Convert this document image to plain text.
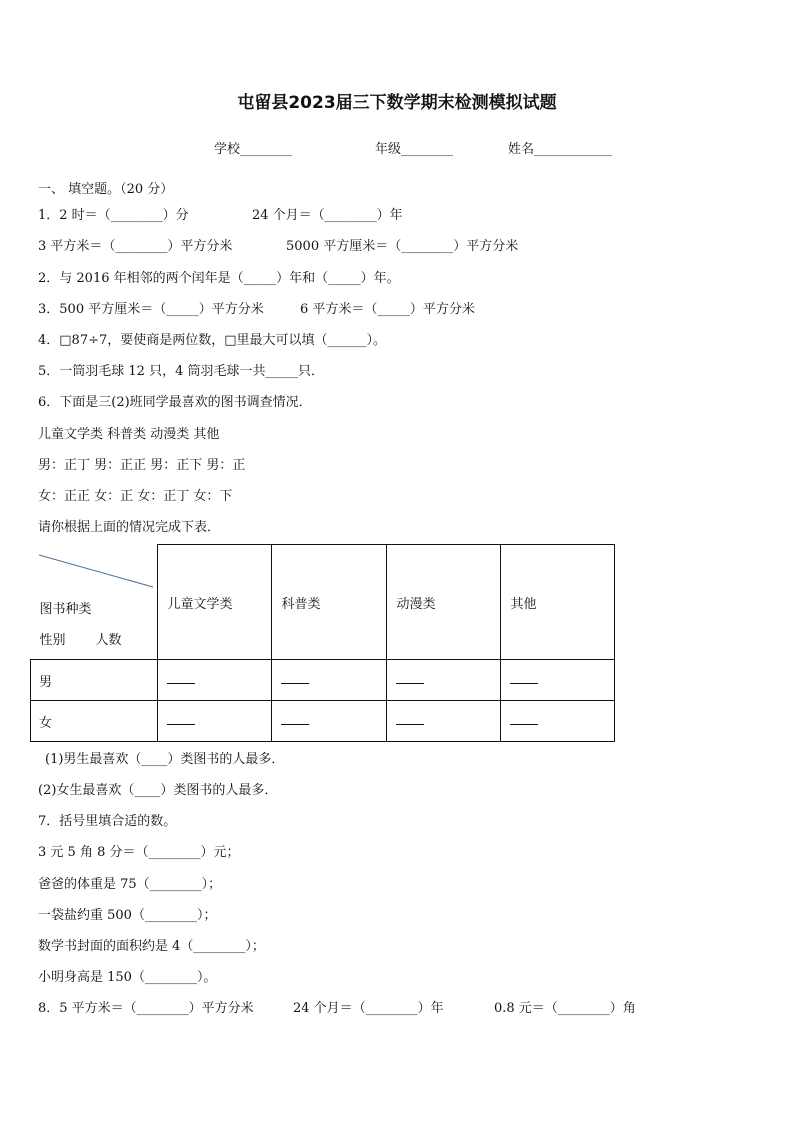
屯留县2023届三下数学期末检测模拟试题
学校________	年级________	姓名____________
一、 填空题。（20 分）
1．2 时＝（________）分	24 个月＝（________）年
3 平方米＝（________）平方分米	5000 平方厘米＝（________）平方分米
2．与 2016 年相邻的两个闰年是（_____）年和（_____）年。
3．500 平方厘米＝（_____）平方分米	6 平方米＝（_____）平方分米
4．□87÷7，要使商是两位数，□里最大可以填（______）。
5．一筒羽毛球 12 只，4 筒羽毛球一共_____只．
6．下面是三(2)班同学最喜欢的图书调查情况．
儿童文学类 科普类 动漫类 其他
男：正丁 男：正正 男：正下 男：正
女：正正 女：正 女：正丁 女：下
请你根据上面的情况完成下表．
图书种类
性别 人数	儿童文学类	科普类	动漫类	其他
男				
女				
(1)男生最喜欢（____）类图书的人最多．
(2)女生最喜欢（____）类图书的人最多．
7．括号里填合适的数。
3 元 5 角 8 分＝（________）元；
爸爸的体重是 75（________）；
一袋盐约重 500（________）；
数学书封面的面积约是 4（________）；
小明身高是 150（________）。
8．5 平方米＝（________）平方分米	24 个月＝（________）年	0.8 元＝（________）角
